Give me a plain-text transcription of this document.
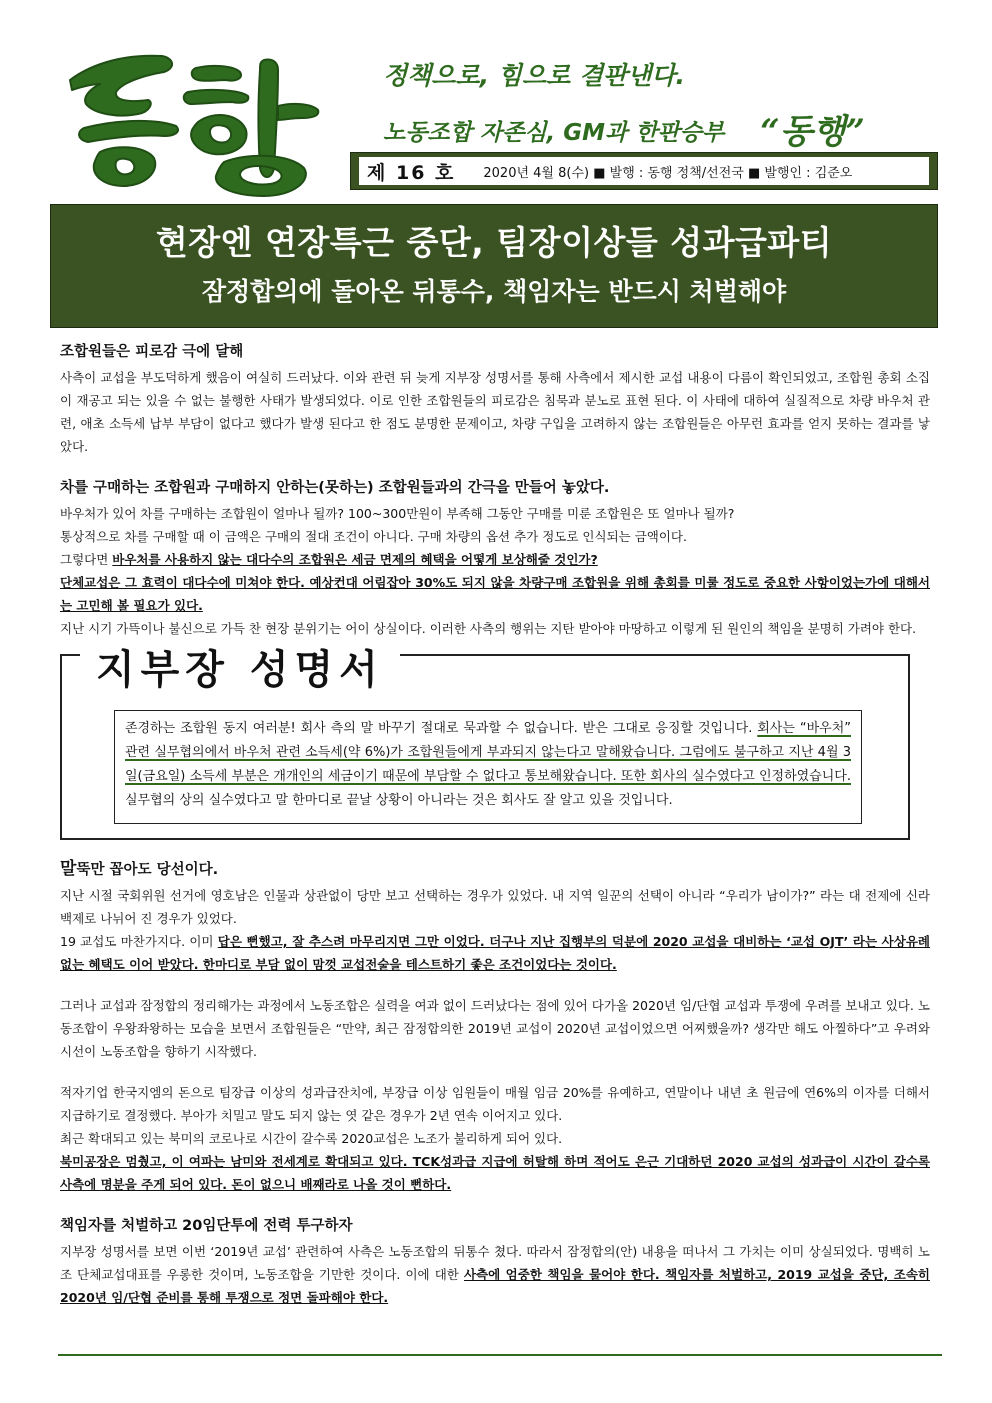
정책으로, 힘으로 결판낸다.
노동조합 자존심, GM과 한판승부 “동행”
제 16 호 2020년 4월 8(수) ■ 발행 : 동행 정책/선전국 ■ 발행인 : 김준오
현장엔 연장특근 중단, 팀장이상들 성과급파티
잠정합의에 돌아온 뒤통수, 책임자는 반드시 처벌해야
조합원들은 피로감 극에 달해

사측이 교섭을 부도덕하게 했음이 여실히 드러났다. 이와 관련 뒤 늦게 지부장 성명서를 통해 사측에서 제시한 교섭 내용이 다름이 확인되었고, 조합원 총회 소집이 재공고 되는 있을 수 없는 불행한 사태가 발생되었다. 이로 인한 조합원들의 피로감은 침묵과 분노로 표현 된다. 이 사태에 대하여 실질적으로 차량 바우처 관련, 애초 소득세 납부 부담이 없다고 했다가 발생 된다고 한 점도 분명한 문제이고, 차량 구입을 고려하지 않는 조합원들은 아무런 효과를 얻지 못하는 결과를 낳았다.

차를 구매하는 조합원과 구매하지 안하는(못하는) 조합원들과의 간극을 만들어 놓았다.

바우처가 있어 차를 구매하는 조합원이 얼마나 될까? 100~300만원이 부족해 그동안 구매를 미룬 조합원은 또 얼마나 될까?

통상적으로 차를 구매할 때 이 금액은 구매의 절대 조건이 아니다. 구매 차량의 옵션 추가 정도로 인식되는 금액이다.

그렇다면 바우처를 사용하지 않는 대다수의 조합원은 세금 면제의 혜택을 어떻게 보상해줄 것인가?

단체교섭은 그 효력이 대다수에 미쳐야 한다. 예상컨대 어림잡아 30%도 되지 않을 차량구매 조합원을 위해 총회를 미룰 정도로 중요한 사항이었는가에 대해서는 고민해 볼 필요가 있다.

지난 시기 가뜩이나 불신으로 가득 찬 현장 분위기는 어이 상실이다. 이러한 사측의 행위는 지탄 받아야 마땅하고 이렇게 된 원인의 책임을 분명히 가려야 한다.

지부장 성명서
존경하는 조합원 동지 여러분! 회사 측의 말 바꾸기 절대로 묵과할 수 없습니다. 받은 그대로 응징할 것입니다. 회사는 “바우처” 관련 실무협의에서 바우처 관련 소득세(약 6%)가 조합원들에게 부과되지 않는다고 말해왔습니다. 그럼에도 불구하고 지난 4월 3일(금요일) 소득세 부분은 개개인의 세금이기 때문에 부담할 수 없다고 통보해왔습니다. 또한 회사의 실수였다고 인정하였습니다. 실무협의 상의 실수였다고 말 한마디로 끝날 상황이 아니라는 것은 회사도 잘 알고 있을 것입니다.
말뚝만 꼽아도 당선이다.

지난 시절 국회위원 선거에 영호남은 인물과 상관없이 당만 보고 선택하는 경우가 있었다. 내 지역 일꾼의 선택이 아니라 “우리가 남이가?” 라는 대 전제에 신라 백제로 나뉘어 진 경우가 있었다.

19 교섭도 마찬가지다. 이미 답은 뻔했고, 잘 추스려 마무리지면 그만 이었다. 더구나 지난 집행부의 덕분에 2020 교섭을 대비하는 ‘교섭 OJT’ 라는 사상유례 없는 혜택도 이어 받았다. 한마디로 부담 없이 맘껏 교섭전술을 테스트하기 좋은 조건이었다는 것이다.

그러나 교섭과 잠정합의 정리해가는 과정에서 노동조합은 실력을 여과 없이 드러났다는 점에 있어 다가올 2020년 임/단협 교섭과 투쟁에 우려를 보내고 있다. 노동조합이 우왕좌왕하는 모습을 보면서 조합원들은 “만약, 최근 잠정합의한 2019년 교섭이 2020년 교섭이었으면 어찌했을까? 생각만 해도 아찔하다”고 우려와 시선이 노동조합을 향하기 시작했다.

적자기업 한국지엠의 돈으로 팀장급 이상의 성과급잔치에, 부장급 이상 임원들이 매월 임금 20%를 유예하고, 연말이나 내년 초 원금에 연6%의 이자를 더해서 지급하기로 결정했다. 부아가 치밀고 말도 되지 않는 엿 같은 경우가 2년 연속 이어지고 있다.

최근 확대되고 있는 북미의 코로나로 시간이 갈수록 2020교섭은 노조가 불리하게 되어 있다.

북미공장은 멈췄고, 이 여파는 남미와 전세계로 확대되고 있다. TCK성과급 지급에 허탈해 하며 적어도 은근 기대하던 2020 교섭의 성과급이 시간이 갈수록 사측에 명분을 주게 되어 있다. 돈이 없으니 배째라로 나올 것이 뻔하다.

책임자를 처벌하고 20임단투에 전력 투구하자

지부장 성명서를 보면 이번 ‘2019년 교섭’ 관련하여 사측은 노동조합의 뒤통수 쳤다. 따라서 잠정합의(안) 내용을 떠나서 그 가치는 이미 상실되었다. 명백히 노조 단체교섭대표를 우롱한 것이며, 노동조합을 기만한 것이다. 이에 대한 사측에 엄중한 책임을 물어야 한다. 책임자를 처벌하고, 2019 교섭을 중단, 조속히 2020년 임/단협 준비를 통해 투쟁으로 정면 돌파해야 한다.
